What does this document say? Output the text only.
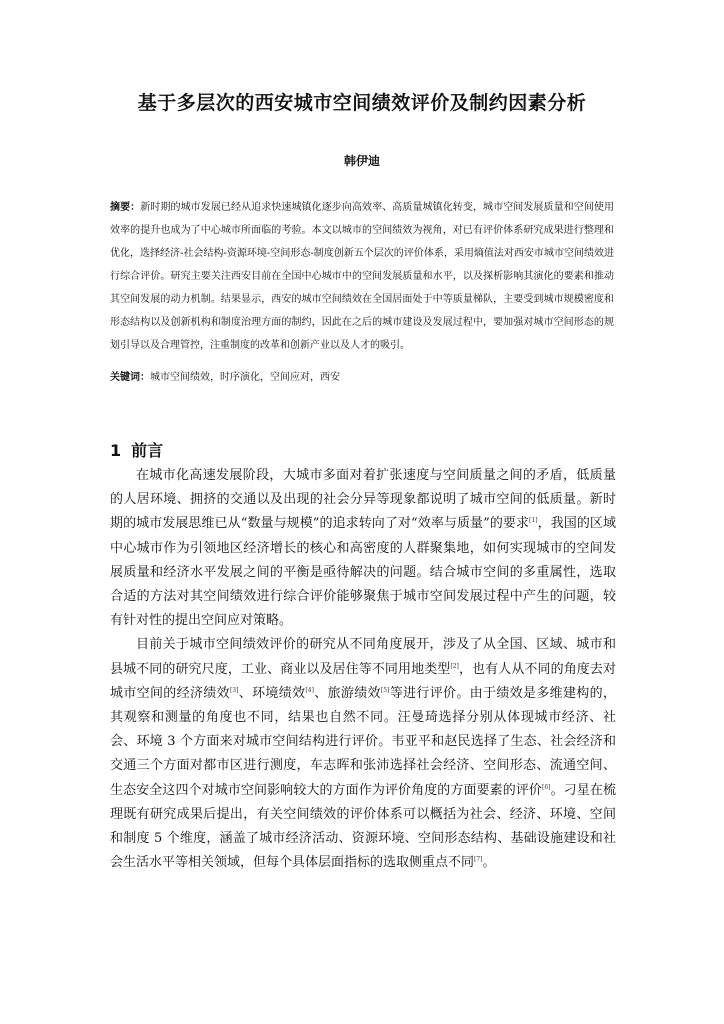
基于多层次的西安城市空间绩效评价及制约因素分析
韩伊迪
摘要：新时期的城市发展已经从追求快速城镇化逐步向高效率、高质量城镇化转变，城市空间发展质量和空间使用效率的提升也成为了中心城市所面临的考验。本文以城市的空间绩效为视角，对已有评价体系研究成果进行整理和优化，选择经济-社会结构-资源环境-空间形态-制度创新五个层次的评价体系，采用熵值法对西安市城市空间绩效进行综合评价。研究主要关注西安目前在全国中心城市中的空间发展质量和水平，以及探析影响其演化的要素和推动其空间发展的动力机制。结果显示，西安的城市空间绩效在全国居面处于中等质量梯队，主要受到城市规模密度和形态结构以及创新机构和制度治理方面的制约，因此在之后的城市建设及发展过程中，要加强对城市空间形态的规划引导以及合理管控，注重制度的改革和创新产业以及人才的吸引。
关键词：城市空间绩效，时序演化，空间应对，西安
1 前言

在城市化高速发展阶段，大城市多面对着扩张速度与空间质量之间的矛盾，低质量的人居环境、拥挤的交通以及出现的社会分异等现象都说明了城市空间的低质量。新时期的城市发展思维已从“数量与规模”的追求转向了对“效率与质量”的要求[1]，我国的区域中心城市作为引领地区经济增长的核心和高密度的人群聚集地，如何实现城市的空间发展质量和经济水平发展之间的平衡是亟待解决的问题。结合城市空间的多重属性，选取合适的方法对其空间绩效进行综合评价能够聚焦于城市空间发展过程中产生的问题，较有针对性的提出空间应对策略。

目前关于城市空间绩效评价的研究从不同角度展开，涉及了从全国、区域、城市和县城不同的研究尺度，工业、商业以及居住等不同用地类型[2]，也有人从不同的角度去对城市空间的经济绩效[3]、环境绩效[4]、旅游绩效[5]等进行评价。由于绩效是多维建构的，其观察和测量的角度也不同，结果也自然不同。汪曼琦选择分别从体现城市经济、社会、环境 3 个方面来对城市空间结构进行评价。韦亚平和赵民选择了生态、社会经济和交通三个方面对都市区进行测度，车志晖和张沛选择社会经济、空间形态、流通空间、生态安全这四个对城市空间影响较大的方面作为评价角度的方面要素的评价[6]。刁星在梳理既有研究成果后提出，有关空间绩效的评价体系可以概括为社会、经济、环境、空间和制度 5 个维度，涵盖了城市经济活动、资源环境、空间形态结构、基础设施建设和社会生活水平等相关领域，但每个具体层面指标的选取侧重点不同[7]。
